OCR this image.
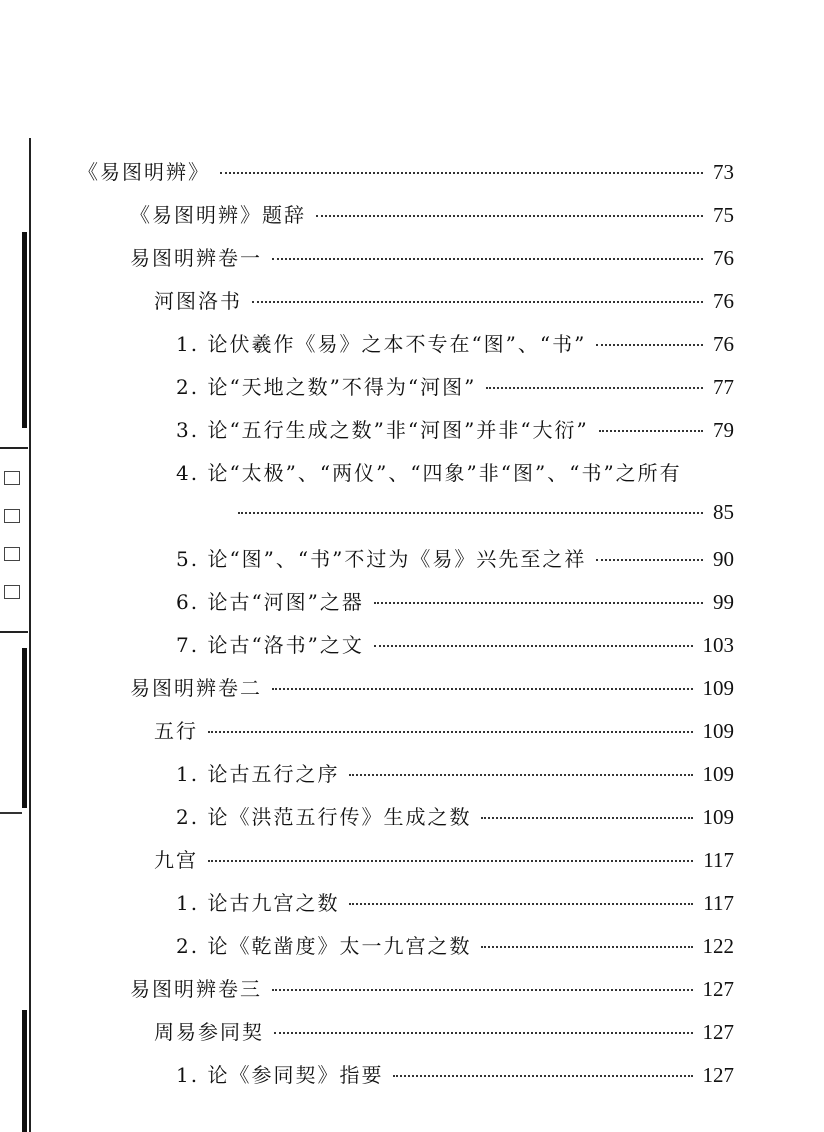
《易图明辨》	73
《易图明辨》题辞	75
易图明辨卷一	76
河图洛书	76
1. 论伏羲作《易》之本不专在“图”、“书”	76
2. 论“天地之数”不得为“河图”	77
3. 论“五行生成之数”非“河图”并非“大衍”	79
4. 论“太极”、“两仪”、“四象”非“图”、“书”之所有
85
5. 论“图”、“书”不过为《易》兴先至之祥	90
6. 论古“河图”之器	99
7. 论古“洛书”之文	103
易图明辨卷二	109
五行	109
1. 论古五行之序	109
2. 论《洪范五行传》生成之数	109
九宫	117
1. 论古九宫之数	117
2. 论《乾凿度》太一九宫之数	122
易图明辨卷三	127
周易参同契	127
1. 论《参同契》指要	127
